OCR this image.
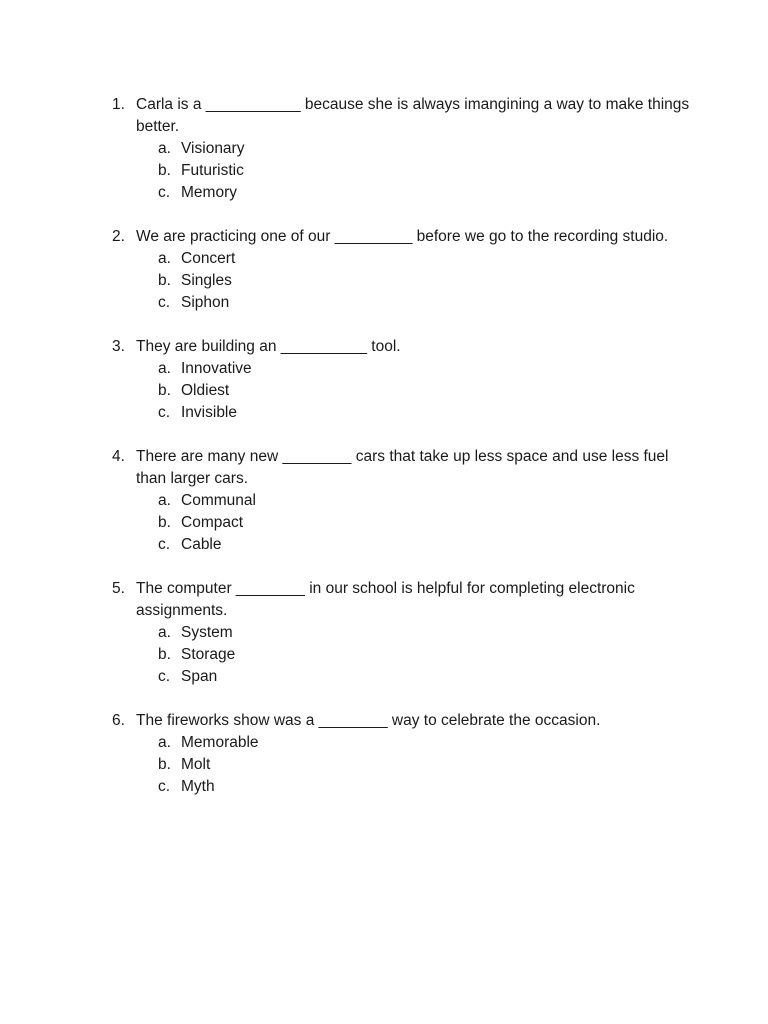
1. Carla is a ___________ because she is always imangining a way to make things better.
a. Visionary
b. Futuristic
c. Memory
2. We are practicing one of our _________ before we go to the recording studio.
a. Concert
b. Singles
c. Siphon
3. They are building an __________ tool.
a. Innovative
b. Oldiest
c. Invisible
4. There are many new ________ cars that take up less space and use less fuel than larger cars.
a. Communal
b. Compact
c. Cable
5. The computer ________ in our school is helpful for completing electronic assignments.
a. System
b. Storage
c. Span
6. The fireworks show was a ________ way to celebrate the occasion.
a. Memorable
b. Molt
c. Myth
